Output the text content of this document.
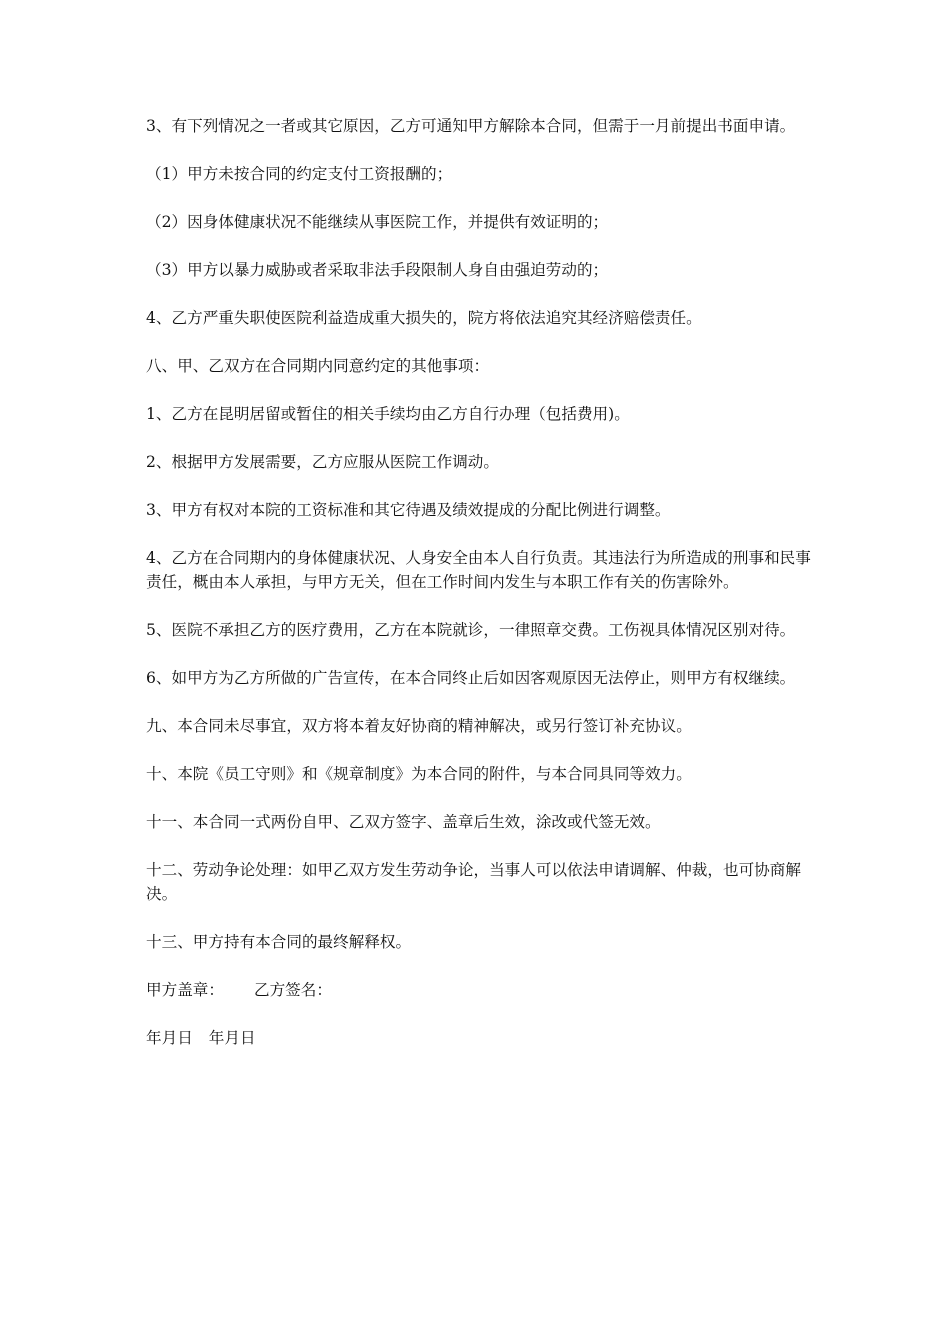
3、有下列情况之一者或其它原因，乙方可通知甲方解除本合同，但需于一月前提出书面申请。

（1）甲方未按合同的约定支付工资报酬的；

（2）因身体健康状况不能继续从事医院工作，并提供有效证明的；

（3）甲方以暴力威胁或者采取非法手段限制人身自由强迫劳动的；

4、乙方严重失职使医院利益造成重大损失的，院方将依法追究其经济赔偿责任。

八、甲、乙双方在合同期内同意约定的其他事项：

1、乙方在昆明居留或暂住的相关手续均由乙方自行办理（包括费用)。

2、根据甲方发展需要，乙方应服从医院工作调动。

3、甲方有权对本院的工资标准和其它待遇及绩效提成的分配比例进行调整。

4、乙方在合同期内的身体健康状况、人身安全由本人自行负责。其违法行为所造成的刑事和民事责任，概由本人承担，与甲方无关，但在工作时间内发生与本职工作有关的伤害除外。

5、医院不承担乙方的医疗费用，乙方在本院就诊，一律照章交费。工伤视具体情况区别对待。

6、如甲方为乙方所做的广告宣传，在本合同终止后如因客观原因无法停止，则甲方有权继续。

九、本合同未尽事宜，双方将本着友好协商的精神解决，或另行签订补充协议。

十、本院《员工守则》和《规章制度》为本合同的附件，与本合同具同等效力。

十一、本合同一式两份自甲、乙双方签字、盖章后生效，涂改或代签无效。

十二、劳动争论处理：如甲乙双方发生劳动争论，当事人可以依法申请调解、仲裁，也可协商解决。

十三、甲方持有本合同的最终解释权。

甲方盖章： 乙方签名：
年月日 年月日
